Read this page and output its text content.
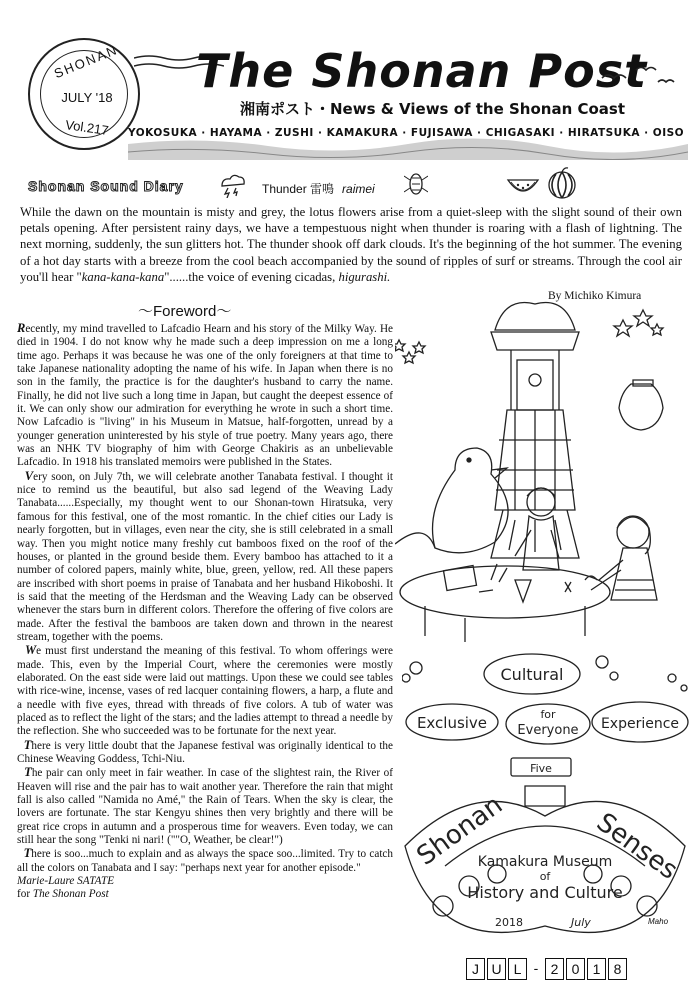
SHONAN
JULY '18
Vol.217
The Shonan Post
湘南ポスト・News & Views of the Shonan Coast
YOKOSUKA · HAYAMA · ZUSHI · KAMAKURA · FUJISAWA · CHIGASAKI · HIRATSUKA · OISO
Shonan Sound Diary	Thunder 雷鳴 raimei
While the dawn on the mountain is misty and grey, the lotus flowers arise from a quiet-sleep with the slight sound of their own petals opening. After persistent rainy days, we have a tempestuous night when thunder is roaring with a flash of lightning. The next morning, suddenly, the sun glitters hot. The thunder shook off dark clouds. It's the beginning of the hot summer. The evening of a hot day starts with a breeze from the cool beach accompanied by the sound of ripples of surf or streams. Through the cool air you'll hear "kana-kana-kana"......the voice of evening cicadas, higurashi.
By Michiko Kimura
～Foreword～

Recently, my mind travelled to Lafcadio Hearn and his story of the Milky Way. He died in 1904. I do not know why he made such a deep impression on me a long time ago. Perhaps it was because he was one of the only foreigners at that time to take Japanese nationality adopting the name of his wife. In Japan when there is no son in the family, the practice is for the daughter's husband to carry the name. Finally, he did not live such a long time in Japan, but caught the deepest essence of it. We can only show our admiration for everything he wrote in such a short time. Now Lafcadio is "living" in his Museum in Matsue, half-forgotten, unread by a younger generation uninterested by his style of true poetry. Many years ago, there was an NHK TV biography of him with George Chakiris as an unbelievable Lafcadio. In 1918 his translated memoirs were published in the States.

Very soon, on July 7th, we will celebrate another Tanabata festival. I thought it nice to remind us the beautiful, but also sad legend of the Weaving Lady Tanabata......Especially, my thought went to our Shonan-town Hiratsuka, very famous for this festival, one of the most romantic. In the chief cities our Lady is nearly forgotten, but in villages, even near the city, she is still celebrated in a small way. Then you might notice many freshly cut bamboos fixed on the roof of the houses, or planted in the ground beside them. Every bamboo has attached to it a number of colored papers, mainly white, blue, green, yellow, red. All these papers are inscribed with short poems in praise of Tanabata and her husband Hikoboshi. It is said that the meeting of the Herdsman and the Weaving Lady can be observed whenever the stars burn in different colors. Therefore the offering of five colors are made. After the festival the bamboos are taken down and thrown in the nearest stream, together with the poems.

We must first understand the meaning of this festival. To whom offerings were made. This, even by the Imperial Court, where the ceremonies were mostly elaborated. On the east side were laid out mattings. Upon these we could see tables with rice-wine, incense, vases of red lacquer containing flowers, a harp, a flute and a needle with five eyes, thread with threads of five colors. A tub of water was placed as to reflect the light of the stars; and the ladies attempt to thread a needle by the reflection. She who succeeded was to be fortunate for the next year.

There is very little doubt that the Japanese festival was originally identical to the Chinese Weaving Goddess, Tchi-Niu.

The pair can only meet in fair weather. In case of the slightest rain, the River of Heaven will rise and the pair has to wait another year. Therefore the rain that might fall is also called "Namida no Amé," the Rain of Tears. When the sky is clear, the lovers are fortunate. The star Kengyu shines then very brightly and there will be great rice crops in autumn and a prosperous time for weavers. Even today, we can still hear the song "Tenki ni nari! (""O, Weather, be clear!")

There is soo...much to explain and as always the space soo...limited. Try to catch all the colors on Tanabata and I say: "perhaps next year for another episode."

Marie-Laure SATATE

for The Shonan Post

Cultural
Exclusive	for
Everyone Experience
Shonan
Five
Senses
Kamakura Museum
of
History and Culture
2018	July	Maho
J U L - 2 0 1 8
